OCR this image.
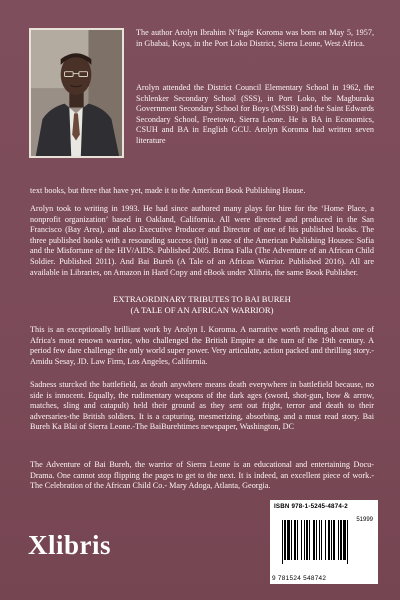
The author Arolyn Ibrahim N’fagie Koroma was born on May 5, 1957, in Gbabai, Koya, in the Port Loko District, Sierra Leone, West Africa.

Arolyn attended the District Council Elementary School in 1962, the Schlenker Secondary School (SSS), in Port Loko, the Magburaka Government Secondary School for Boys (MSSB) and the Saint Edwards Secondary School, Freetown, Sierra Leone. He is BA in Economics, CSUH and BA in English GCU. Arolyn Koroma had written seven literature

text books, but three that have yet, made it to the American Book Publishing House.

Arolyn took to writing in 1993. He had since authored many plays for hire for the ‘Home Place, a nonprofit organization’ based in Oakland, California. All were directed and produced in the San Francisco (Bay Area), and also Executive Producer and Director of one of his published books. The three published books with a resounding success (hit) in one of the American Publishing Houses: Sofia and the Misfortune of the HIV/AIDS. Published 2005. Brima Falla (The Adventure of an African Child Soldier. Published 2011). And Bai Bureh (A Tale of an African Warrior. Published 2016). All are available in Libraries, on Amazon in Hard Copy and eBook under Xlibris, the same Book Publisher.

EXTRAORDINARY TRIBUTES TO BAI BUREH
(A TALE OF AN AFRICAN WARRIOR)

This is an exceptionally brilliant work by Arolyn I. Koroma. A narrative worth reading about one of Africa's most renown warrior, who challenged the British Empire at the turn of the 19th century. A period few dare challenge the only world super power. Very articulate, action packed and thrilling story.-Amidu Sesay, JD. Law Firm, Los Angeles, California.

Sadness sturcked the battlefield, as death anywhere means death everywhere in battlefield because, no side is innocent. Equally, the rudimentary weapons of the dark ages (sword, shot-gun, bow & arrow, matches, sling and catapult) held their ground as they sent out fright, terror and death to their adversaries-the British soldiers. It is a capturing, mesmerizing, absorbing, and a must read story. Bai Bureh Ka Blai of Sierra Leone.-The BaiBurehtimes newspaper, Washington, DC

The Adventure of Bai Bureh, the warrior of Sierra Leone is an educational and entertaining Docu-Drama. One cannot stop flipping the pages to get to the next. It is indeed, an excellent piece of work.-The Celebration of the African Child Co.- Mary Adoga, Atlanta, Georgia.

Xlibris
ISBN 978-1-5245-4874-2
51999
9 781524 548742
